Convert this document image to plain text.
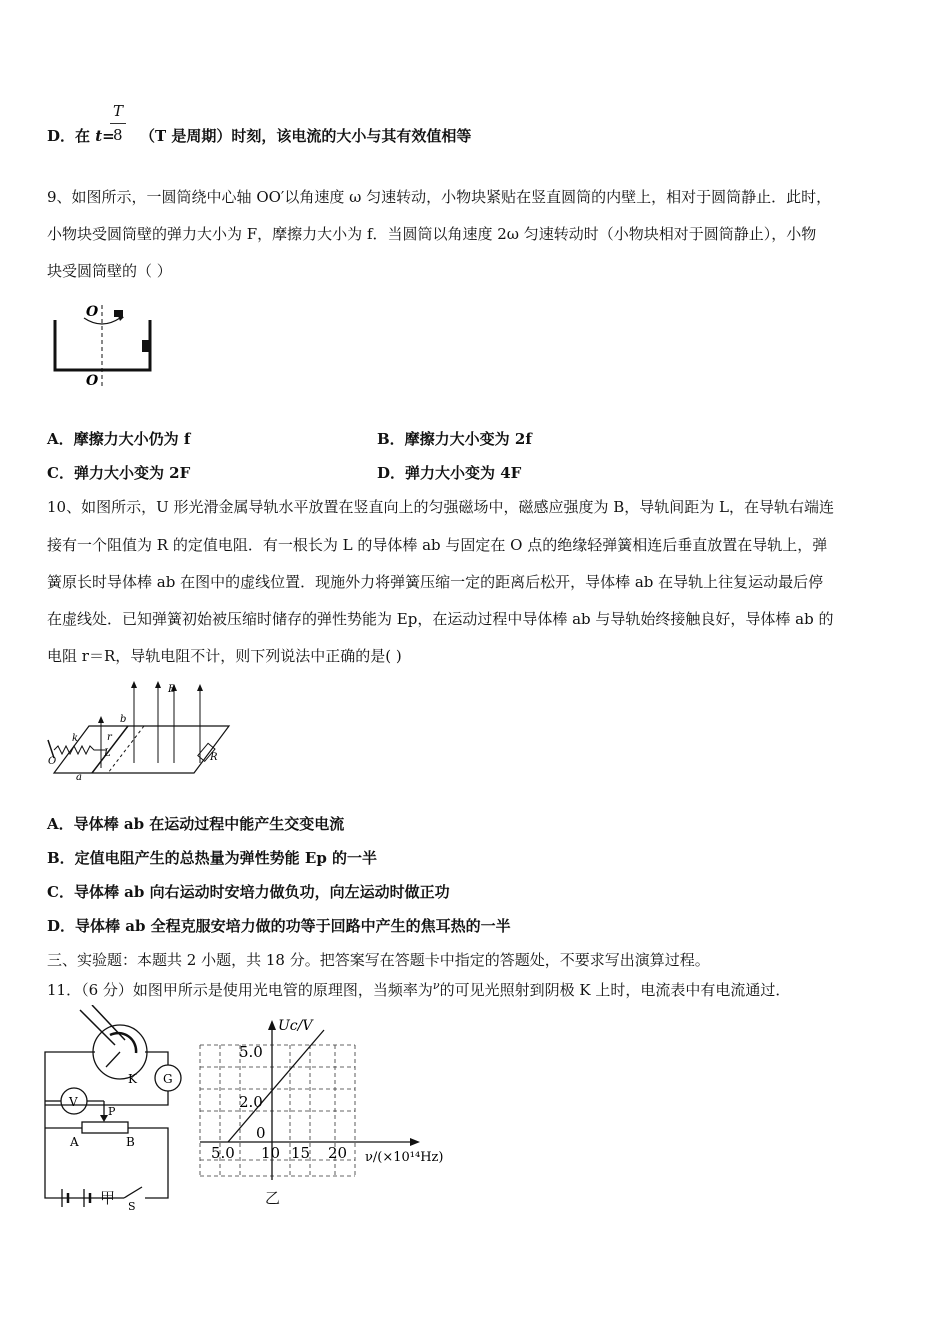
D．在 t=
T
8 （T 是周期）时刻，该电流的大小与其有效值相等
9、如图所示，一圆筒绕中心轴 OO′以角速度 ω 匀速转动，小物块紧贴在竖直圆筒的内壁上，相对于圆筒静止．此时，
小物块受圆筒壁的弹力大小为 F，摩擦力大小为 f．当圆筒以角速度 2ω 匀速转动时（小物块相对于圆筒静止），小物
块受圆筒壁的（ ）
O
O
A．摩擦力大小仍为 f	B．摩擦力大小变为 2f
C．弹力大小变为 2F	D．弹力大小变为 4F
10、如图所示，U 形光滑金属导轨水平放置在竖直向上的匀强磁场中，磁感应强度为 B，导轨间距为 L，在导轨右端连
接有一个阻值为 R 的定值电阻．有一根长为 L 的导体棒 ab 与固定在 O 点的绝缘轻弹簧相连后垂直放置在导轨上，弹
簧原长时导体棒 ab 在图中的虚线位置．现施外力将弹簧压缩一定的距离后松开，导体棒 ab 在导轨上往复运动最后停
在虚线处．已知弹簧初始被压缩时储存的弹性势能为 Ep，在运动过程中导体棒 ab 与导轨始终接触良好，导体棒 ab 的
电阻 r＝R，导轨电阻不计，则下列说法中正确的是( )
B
b
r
k
L	R
O
a
A．导体棒 ab 在运动过程中能产生交变电流
B．定值电阻产生的总热量为弹性势能 Ep 的一半
C．导体棒 ab 向右运动时安培力做负功，向左运动时做正功
D．导体棒 ab 全程克服安培力做的功等于回路中产生的焦耳热的一半
三、实验题：本题共 2 小题，共 18 分。把答案写在答题卡中指定的答题处，不要求写出演算过程。
11．（6 分）如图甲所示是使用光电管的原理图，当频率为$^\nu$的可见光照射到阴极 K 上时，电流表中有电流通过．
K G
V
P
A	B
S
甲
Uc/V
5.0
2.0
0
5.0 10 15 20 ν/(×10¹⁴Hz)
乙
